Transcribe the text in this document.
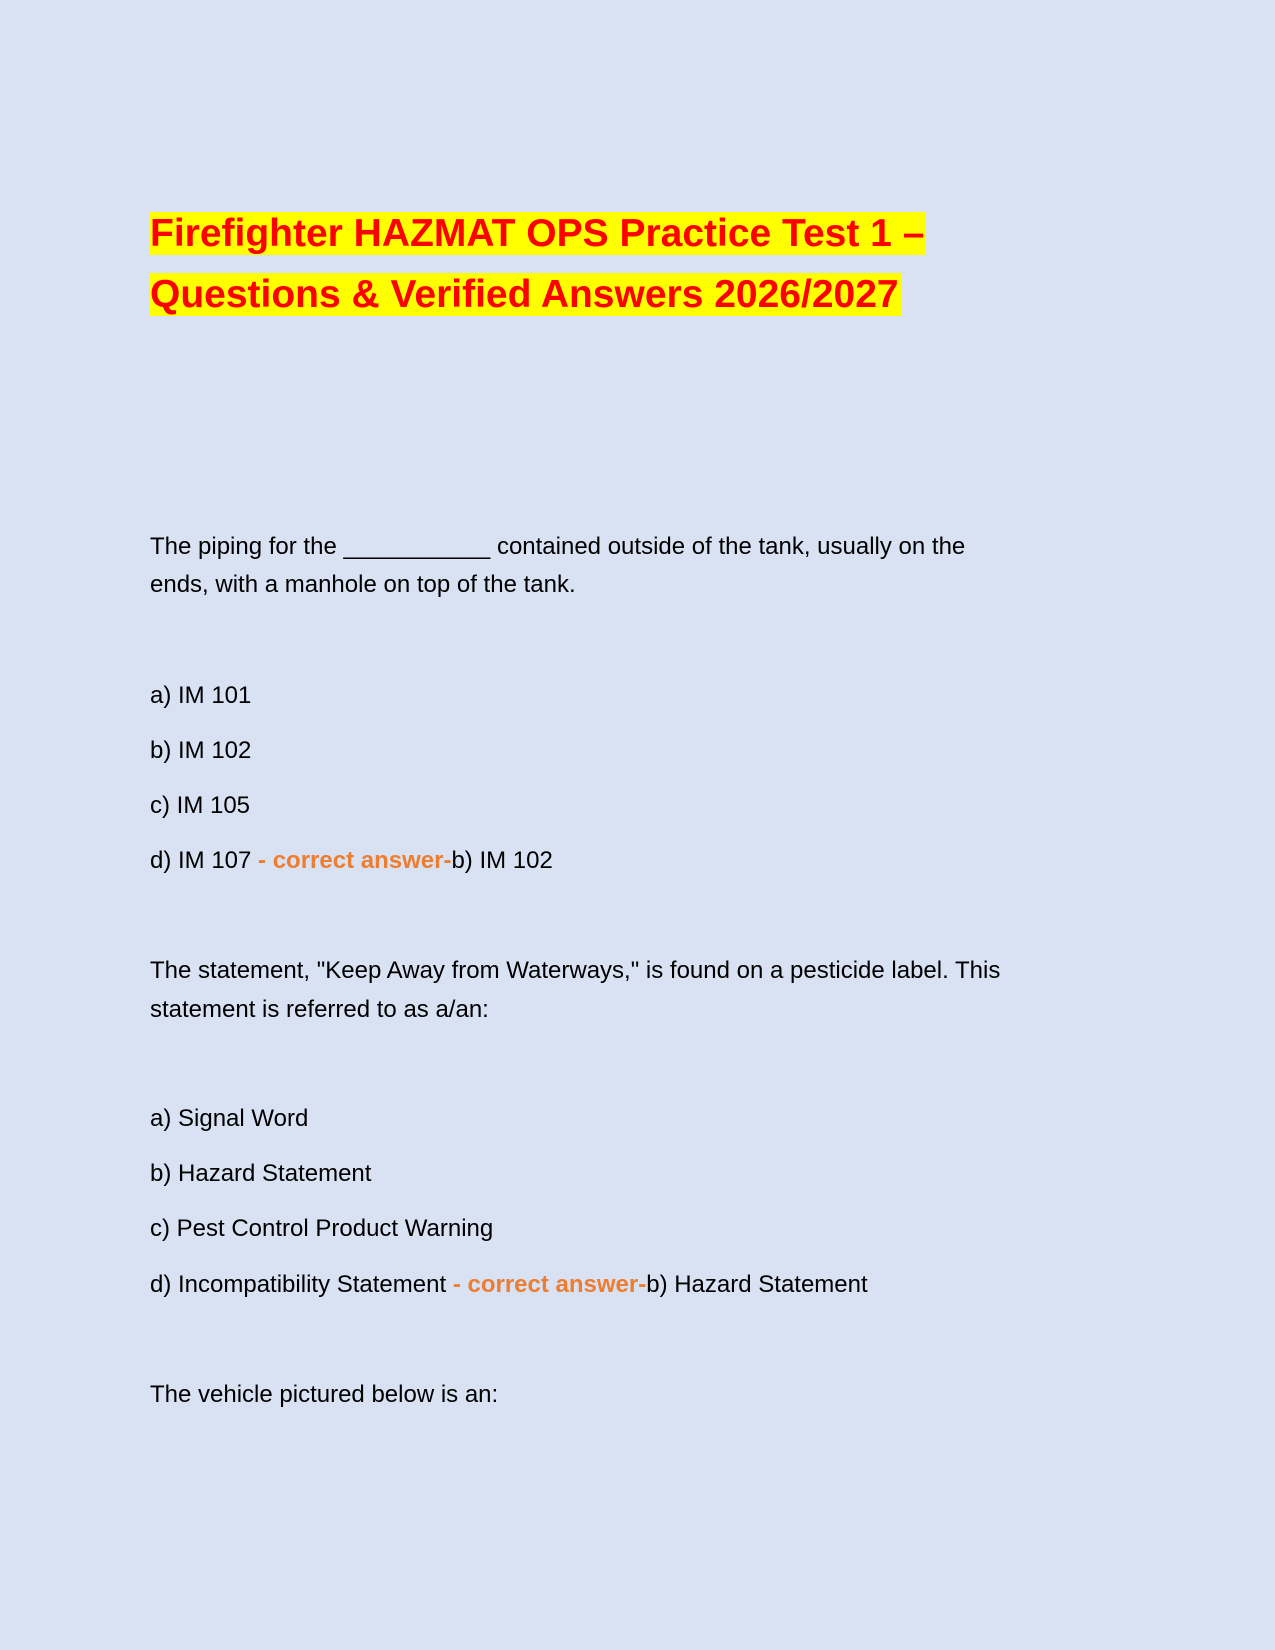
Firefighter HAZMAT OPS Practice Test 1 –
Questions & Verified Answers 2026/2027
The piping for the ___________ contained outside of the tank, usually on the
ends, with a manhole on top of the tank.
a) IM 101
b) IM 102
c) IM 105
d) IM 107 - correct answer-b) IM 102
The statement, "Keep Away from Waterways," is found on a pesticide label. This
statement is referred to as a/an:
a) Signal Word
b) Hazard Statement
c) Pest Control Product Warning
d) Incompatibility Statement - correct answer-b) Hazard Statement
The vehicle pictured below is an:
